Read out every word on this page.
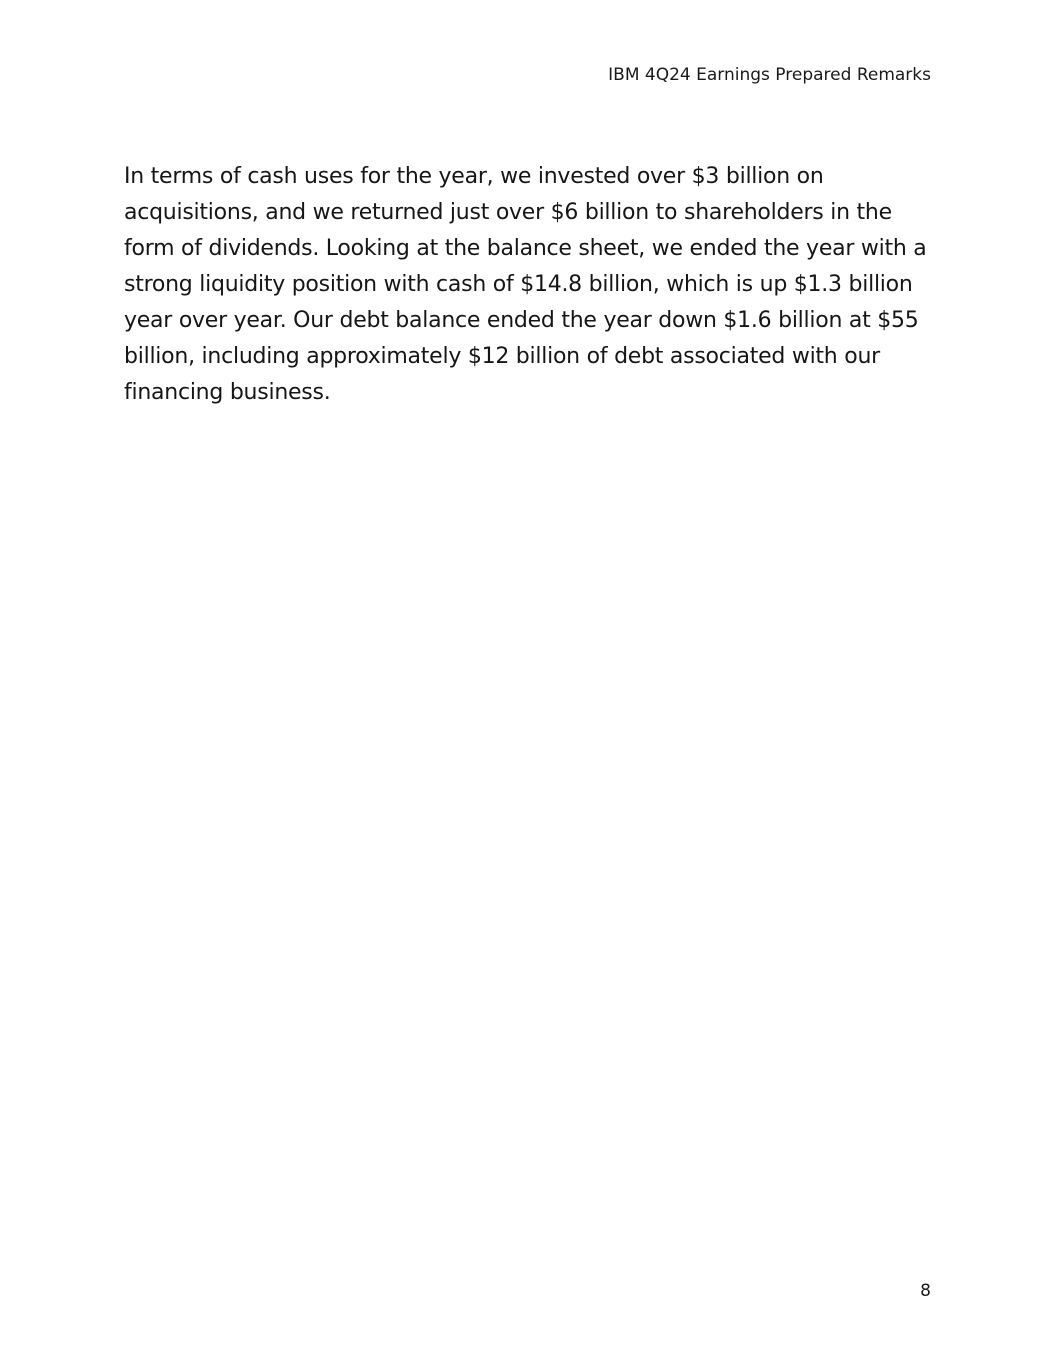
IBM 4Q24 Earnings Prepared Remarks

In terms of cash uses for the year, we invested over $3 billion on
acquisitions, and we returned just over $6 billion to shareholders in the
form of dividends. Looking at the balance sheet, we ended the year with a
strong liquidity position with cash of $14.8 billion, which is up $1.3 billion
year over year. Our debt balance ended the year down $1.6 billion at $55
billion, including approximately $12 billion of debt associated with our
financing business.

8
